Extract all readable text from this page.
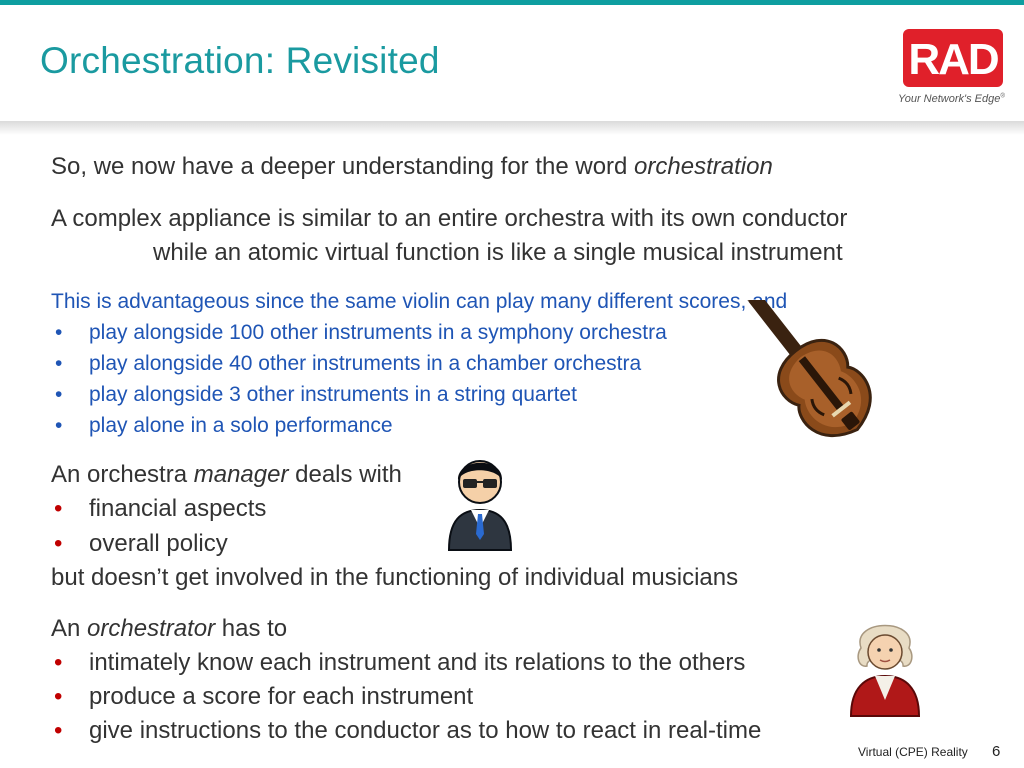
Orchestration: Revisited	RAD
Your Network's Edge®
So, we now have a deeper understanding for the word orchestration
A complex appliance is similar to an entire orchestra with its own conductor
while an atomic virtual function is like a single musical instrument
This is advantageous since the same violin can play many different scores, and
• play alongside 100 other instruments in a symphony orchestra
• play alongside 40 other instruments in a chamber orchestra
• play alongside 3 other instruments in a string quartet
• play alone in a solo performance
An orchestra manager deals with
• financial aspects
• overall policy
but doesn’t get involved in the functioning of individual musicians
An orchestrator has to
• intimately know each instrument and its relations to the others
• produce a score for each instrument
• give instructions to the conductor as to how to react in real-time
Virtual (CPE) Reality 6
